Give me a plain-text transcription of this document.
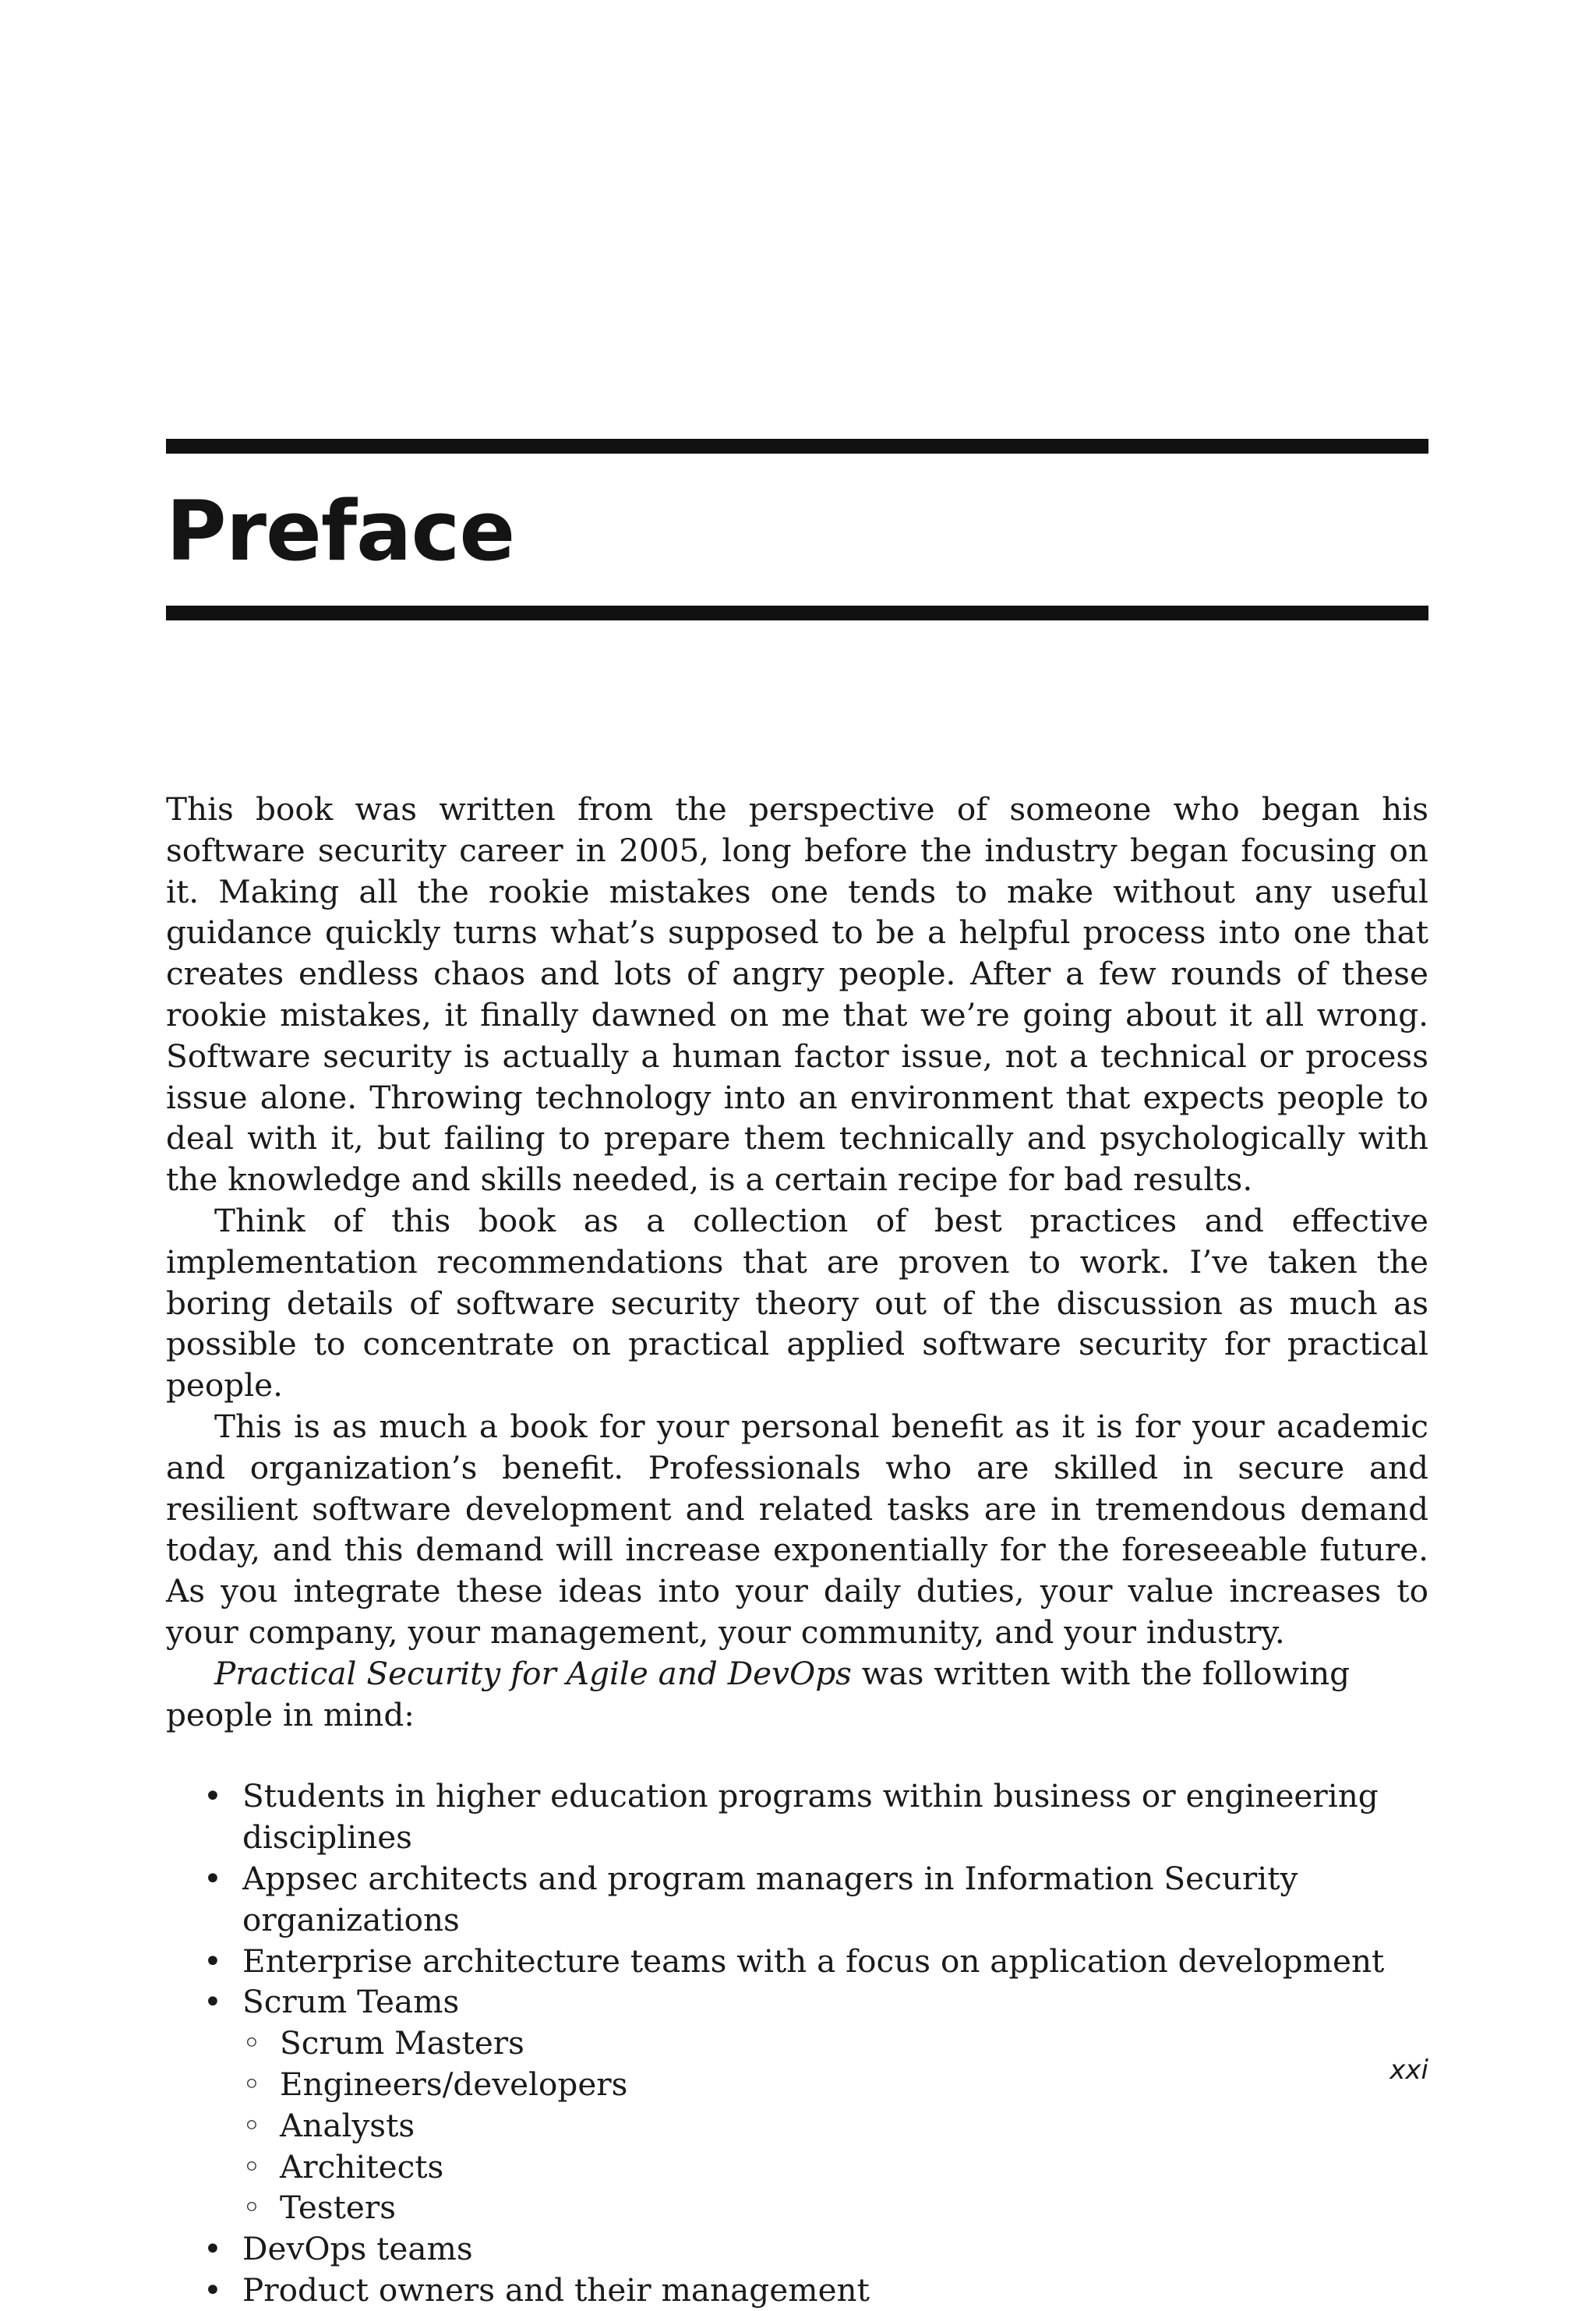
Preface

This book was written from the perspective of someone who began his software security career in 2005, long before the industry began focusing on it. Making all the rookie mistakes one tends to make without any useful guidance quickly turns what’s supposed to be a helpful process into one that creates endless chaos and lots of angry people. After a few rounds of these rookie mistakes, it finally dawned on me that we’re going about it all wrong. Software security is actually a human factor issue, not a technical or process issue alone. Throwing technology into an environment that expects people to deal with it, but failing to prepare them technically and psychologically with the knowledge and skills needed, is a certain recipe for bad results.

Think of this book as a collection of best practices and effective implementation recommendations that are proven to work. I’ve taken the boring details of software security theory out of the discussion as much as possible to concentrate on practical applied software security for practical people.

This is as much a book for your personal benefit as it is for your academic and organization’s benefit. Professionals who are skilled in secure and resilient software development and related tasks are in tremendous demand today, and this demand will increase exponentially for the foreseeable future. As you integrate these ideas into your daily duties, your value increases to your company, your management, your community, and your industry.

Practical Security for Agile and DevOps was written with the following people in mind:

• Students in higher education programs within business or engineering disciplines
• Appsec architects and program managers in Information Security organizations
• Enterprise architecture teams with a focus on application development
• Scrum Teams
◦ Scrum Masters
◦ Engineers/developers
◦ Analysts
◦ Architects
◦ Testers
• DevOps teams
• Product owners and their management
xxi
